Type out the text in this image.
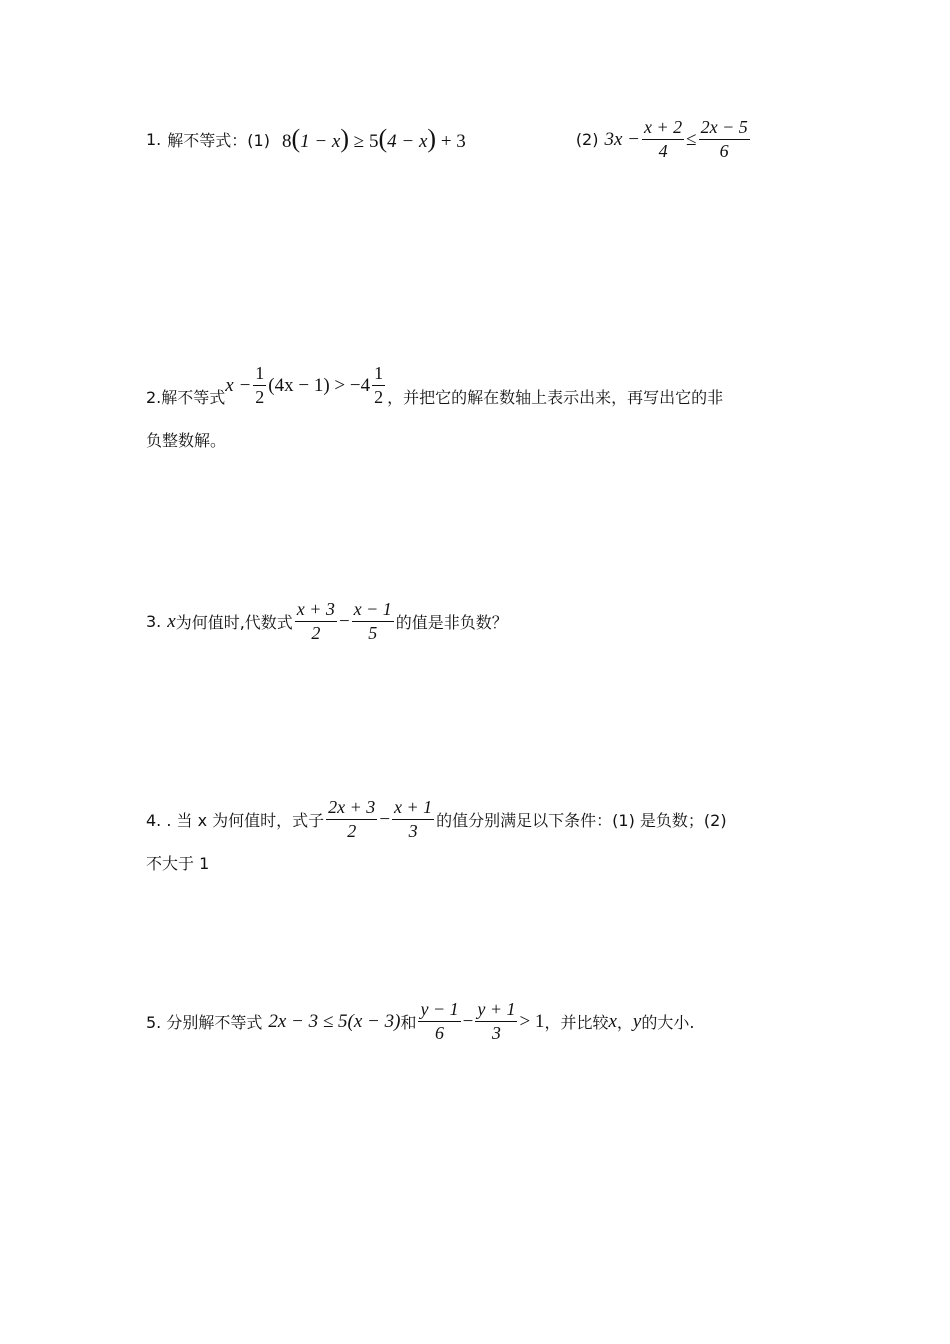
1. 解不等式：(1) 8(1 − x) ≥ 5(4 − x) + 3	(2) $3x - \frac{x + 2}{4} \le \frac{2x - 5}{6}$
2.解不等式
$x - \frac{1}{2} (4x - 1) > -4 \frac{1}{2}$ ，并把它的解在数轴上表示出来，再写出它的非
负整数解。
3. x 为何值时,代数式 $\frac{x + 3}{2} - \frac{x - 1}{5}$ 的值是非负数？
4. . 当 x 为何值时，式子 $\frac{2x + 3}{2} - \frac{x + 1}{3}$ 的值分别满足以下条件：(1) 是负数；(2)
不大于 1
5. 分别解不等式 2x − 3 ≤ 5(x − 3) 和 $\frac{y - 1}{6} - \frac{y + 1}{3} > 1$ ，并比较 x ， y 的大小.
